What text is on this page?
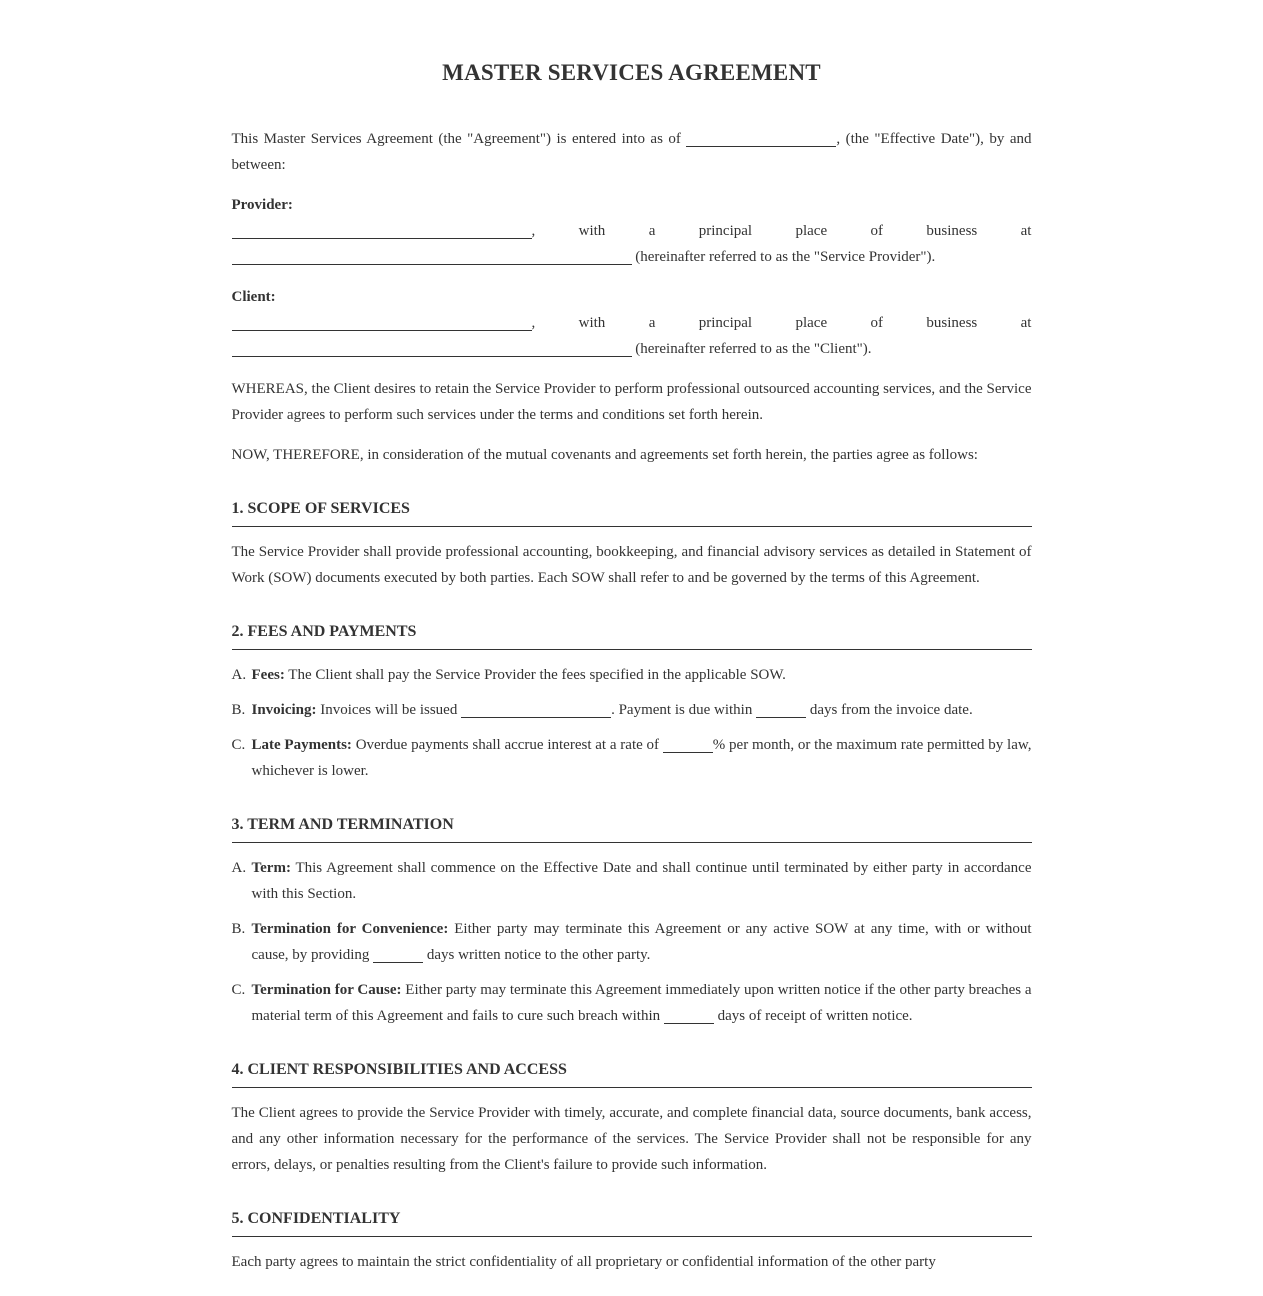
MASTER SERVICES AGREEMENT

This Master Services Agreement (the "Agreement") is entered into as of	, (the "Effective Date"), by and between:

Provider:
,	with	a	principal	place	of	business	at
(hereinafter referred to as the "Service Provider").
Client:
,	with	a	principal	place	of	business	at
(hereinafter referred to as the "Client").

WHEREAS, the Client desires to retain the Service Provider to perform professional outsourced accounting services, and the Service Provider agrees to perform such services under the terms and conditions set forth herein.

NOW, THEREFORE, in consideration of the mutual covenants and agreements set forth herein, the parties agree as follows:

1. SCOPE OF SERVICES

The Service Provider shall provide professional accounting, bookkeeping, and financial advisory services as detailed in Statement of Work (SOW) documents executed by both parties. Each SOW shall refer to and be governed by the terms of this Agreement.

2. FEES AND PAYMENTS
A. Fees: The Client shall pay the Service Provider the fees specified in the applicable SOW.
B. Invoicing: Invoices will be issued	. Payment is due within	days from the invoice date.
C. Late Payments: Overdue payments shall accrue interest at a rate of	% per month, or the maximum rate permitted by law, whichever is lower.
3. TERM AND TERMINATION
A. Term: This Agreement shall commence on the Effective Date and shall continue until terminated by either party in accordance with this Section.
B. Termination for Convenience: Either party may terminate this Agreement or any active SOW at any time, with or without cause, by providing	days written notice to the other party.
C. Termination for Cause: Either party may terminate this Agreement immediately upon written notice if the other party breaches a material term of this Agreement and fails to cure such breach within	days of receipt of written notice.
4. CLIENT RESPONSIBILITIES AND ACCESS

The Client agrees to provide the Service Provider with timely, accurate, and complete financial data, source documents, bank access, and any other information necessary for the performance of the services. The Service Provider shall not be responsible for any errors, delays, or penalties resulting from the Client's failure to provide such information.

5. CONFIDENTIALITY

Each party agrees to maintain the strict confidentiality of all proprietary or confidential information of the other party
